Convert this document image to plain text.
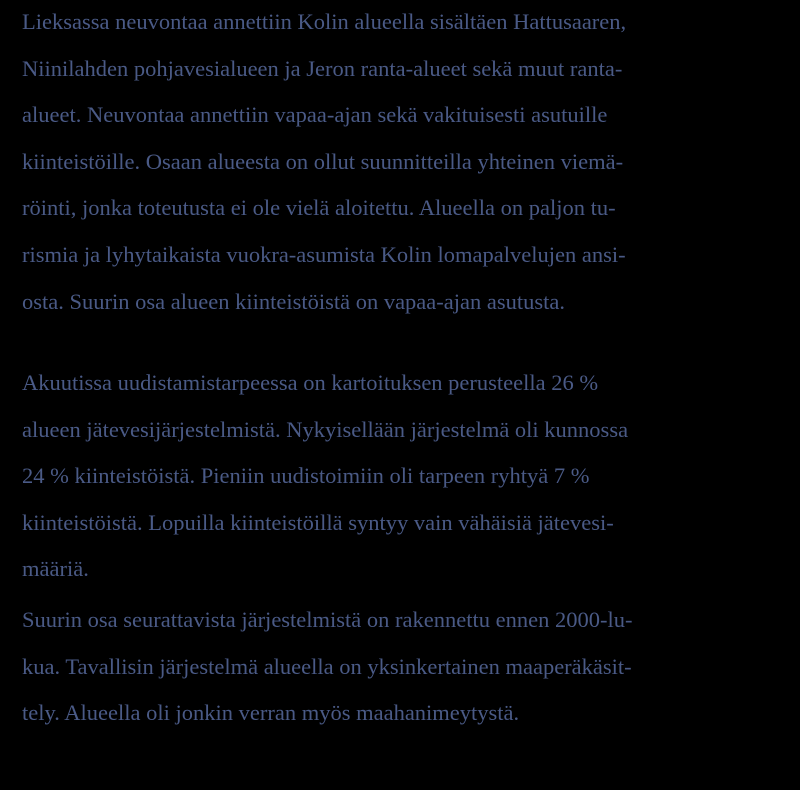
Lieksassa neuvontaa annettiin Kolin alueella sisältäen Hattusaaren,
Niinilahden pohjavesialueen ja Jeron ranta-alueet sekä muut ranta-
alueet. Neuvontaa annettiin vapaa-ajan sekä vakituisesti asutuille
kiinteistöille. Osaan alueesta on ollut suunnitteilla yhteinen viemä-
röinti, jonka toteutusta ei ole vielä aloitettu. Alueella on paljon tu-
rismia ja lyhytaikaista vuokra-asumista Kolin lomapalvelujen ansi-
osta. Suurin osa alueen kiinteistöistä on vapaa-ajan asutusta.
Akuutissa uudistamistarpeessa on kartoituksen perusteella 26 %
alueen jätevesijärjestelmistä. Nykyisellään järjestelmä oli kunnossa
24 % kiinteistöistä. Pieniin uudistoimiin oli tarpeen ryhtyä 7 %
kiinteistöistä. Lopuilla kiinteistöillä syntyy vain vähäisiä jätevesi-
määriä.
Suurin osa seurattavista järjestelmistä on rakennettu ennen 2000-lu-
kua. Tavallisin järjestelmä alueella on yksinkertainen maaperäkäsit-
tely. Alueella oli jonkin verran myös maahanimeytystä.
